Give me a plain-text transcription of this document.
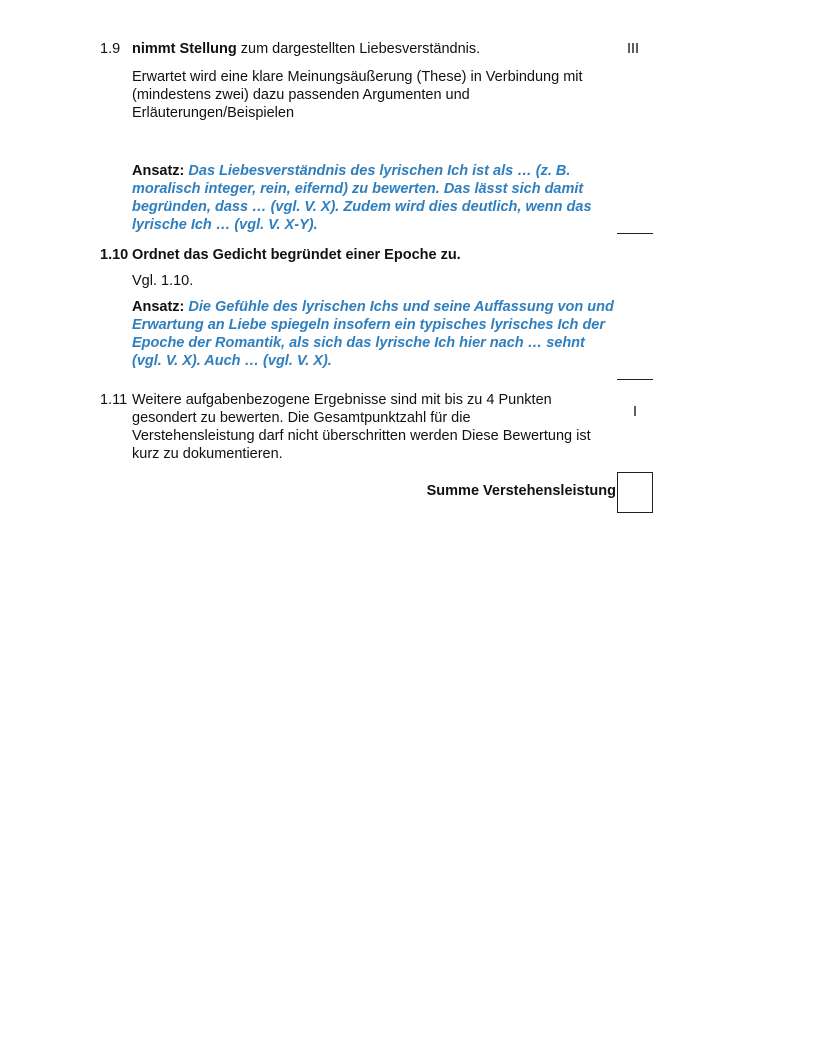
1.9 nimmt Stellung zum dargestellten Liebesverständnis.	III
Erwartet wird eine klare Meinungsäußerung (These) in Verbindung mit (mindestens zwei) dazu passenden Argumenten und Erläuterungen/Beispielen
Ansatz: Das Liebesverständnis des lyrischen Ich ist als … (z. B. moralisch integer, rein, eifernd) zu bewerten. Das lässt sich damit begründen, dass … (vgl. V. X). Zudem wird dies deutlich, wenn das lyrische Ich … (vgl. V. X-Y).
1.10 Ordnet das Gedicht begründet einer Epoche zu.
Vgl. 1.10.
Ansatz: Die Gefühle des lyrischen Ichs und seine Auffassung von und Erwartung an Liebe spiegeln insofern ein typisches lyrisches Ich der Epoche der Romantik, als sich das lyrische Ich hier nach … sehnt (vgl. V. X). Auch … (vgl. V. X).
1.11 Weitere aufgabenbezogene Ergebnisse sind mit bis zu 4 Punkten gesondert zu bewerten. Die Gesamtpunktzahl für die Verstehensleistung darf nicht überschritten werden Diese Bewertung ist kurz zu dokumentieren.
I
Summe Verstehensleistung
